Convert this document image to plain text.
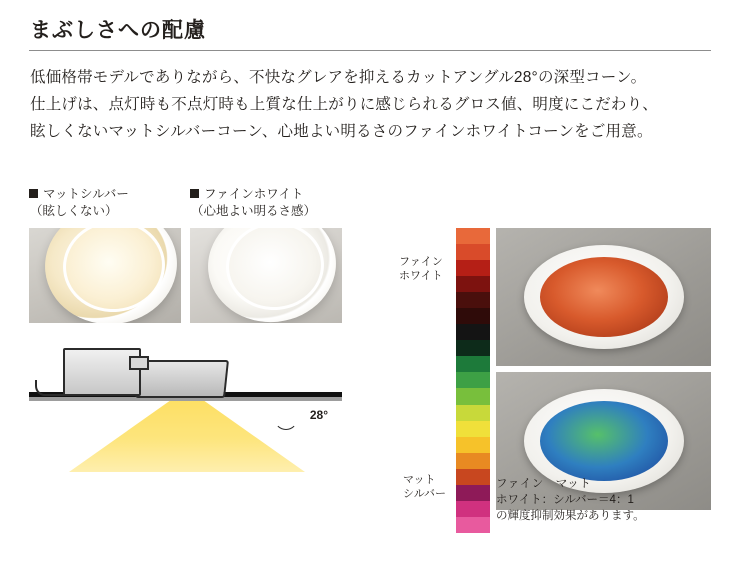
まぶしさへの配慮
低価格帯モデルでありながら、不快なグレアを抑えるカットアングル28°の深型コーン。
仕上げは、点灯時も不点灯時も上質な仕上がりに感じられるグロス値、明度にこだわり、
眩しくないマットシルバーコーン、心地よい明るさのファインホワイトコーンをご用意。
マットシルバー
（眩しくない）
ファインホワイト
（心地よい明るさ感）
28°
ファイン
ホワイト
マット
シルバー
ファイン　マット
ホワイト：シルバー＝4：1
の輝度抑制効果があります。
